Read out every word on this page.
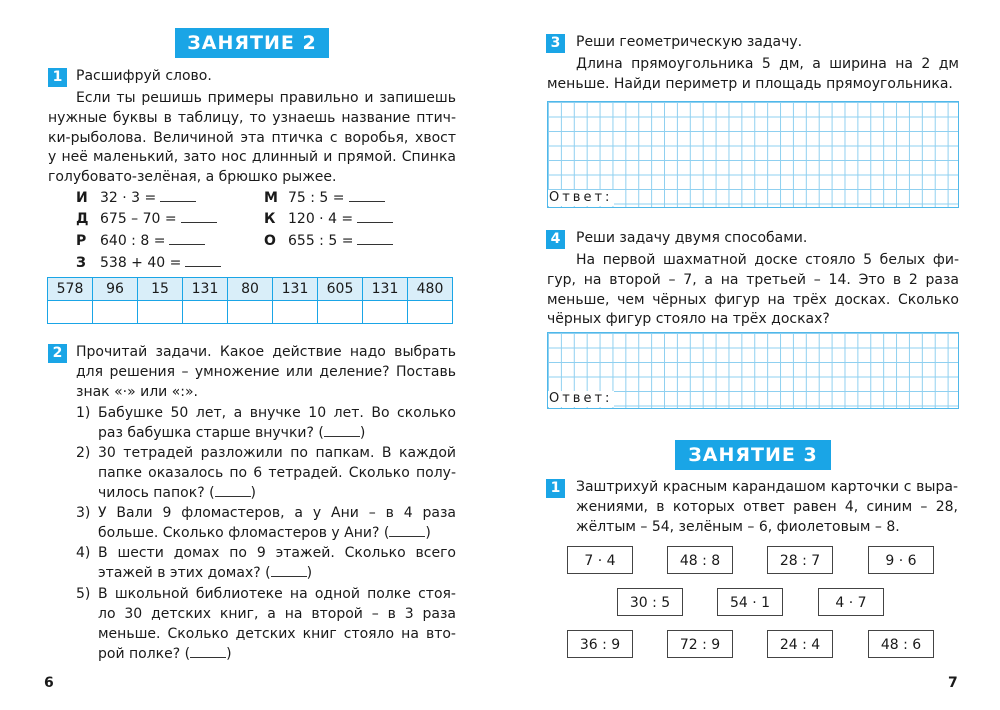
ЗАНЯТИЕ 2
1 Расшифруй слово.

Если ты решишь примеры правильно и запишешь
нужные буквы в таблицу, то узнаешь название птич-
ки-рыболова. Величиной эта птичка с воробья, хвост
у неё маленький, зато нос длинный и прямой. Спинка
голубовато-зелёная, а брюшко рыжее.
И 32 · 3 =	М 75 : 5 =
Д 675 – 70 =	К 120 · 4 =
Р 640 : 8 =	О 655 : 5 =
З 538 + 40 =
578	96	15	131	80	131	605	131	480

2 Прочитай задачи. Какое действие надо выбрать
для решения – умножение или деление? Поставь
знак «·» или «:».
1) Бабушке 50 лет, а внучке 10 лет. Во сколько
раз бабушка старше внучки? (	)
2) 30 тетрадей разложили по папкам. В каждой
папке оказалось по 6 тетрадей. Сколько полу-
чилось папок? (	)
3) У Вали 9 фломастеров, а у Ани – в 4 раза
больше. Сколько фломастеров у Ани? (	)
4) В шести домах по 9 этажей. Сколько всего
этажей в этих домах? (	)
5) В школьной библиотеке на одной полке стоя-
ло 30 детских книг, а на второй – в 3 раза
меньше. Сколько детских книг стояло на вто-
рой полке? (	)
6
3	Реши геометрическую задачу.

Длина прямоугольника 5 дм, а ширина на 2 дм
меньше. Найди периметр и площадь прямоугольника.
Ответ:
4	Реши задачу двумя способами.

На первой шахматной доске стояло 5 белых фи-
гур, на второй – 7, а на третьей – 14. Это в 2 раза
меньше, чем чёрных фигур на трёх досках. Сколько
чёрных фигур стояло на трёх досках?
Ответ:
ЗАНЯТИЕ 3
1	Заштрихуй красным карандашом карточки с выра-
жениями, в которых ответ равен 4, синим – 28,
жёлтым – 54, зелёным – 6, фиолетовым – 8.
7 · 4	48 : 8	28 : 7	9 · 6
30 : 5	54 · 1	4 · 7
36 : 9	72 : 9	24 : 4	48 : 6
7
